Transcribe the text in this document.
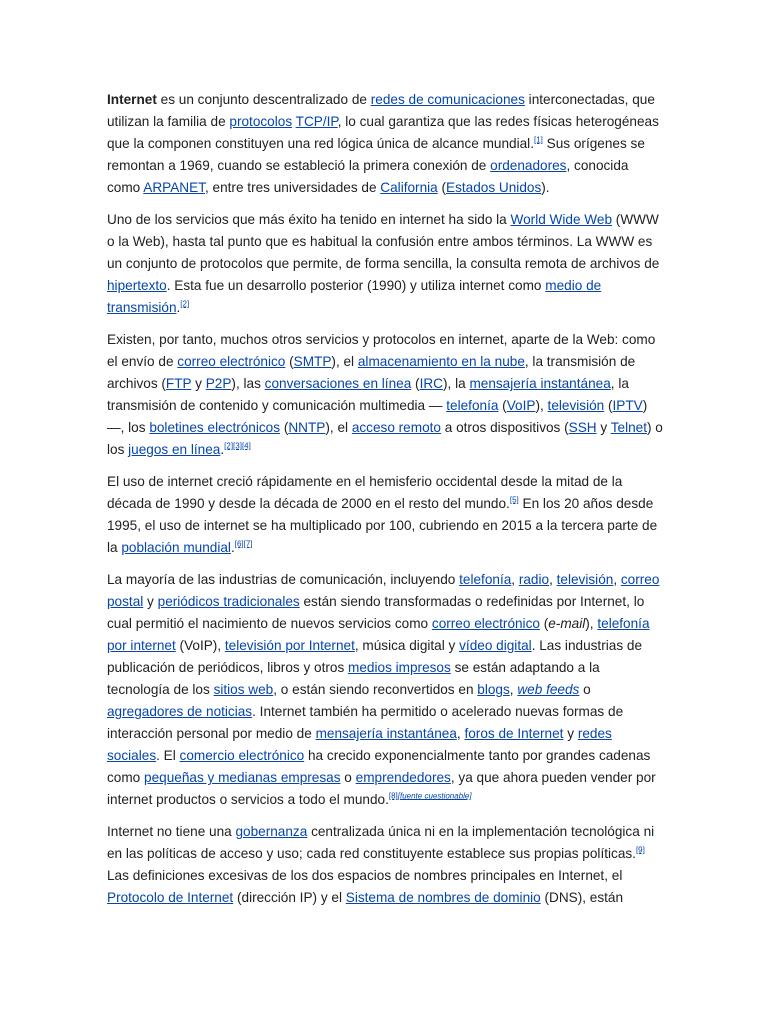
Internet es un conjunto descentralizado de redes de comunicaciones interconectadas, que utilizan la familia de protocolos TCP/IP, lo cual garantiza que las redes físicas heterogéneas que la componen constituyen una red lógica única de alcance mundial.[1] Sus orígenes se remontan a 1969, cuando se estableció la primera conexión de ordenadores, conocida como ARPANET, entre tres universidades de California (Estados Unidos).

Uno de los servicios que más éxito ha tenido en internet ha sido la World Wide Web (WWW o la Web), hasta tal punto que es habitual la confusión entre ambos términos. La WWW es un conjunto de protocolos que permite, de forma sencilla, la consulta remota de archivos de hipertexto. Esta fue un desarrollo posterior (1990) y utiliza internet como medio de transmisión.[2]

Existen, por tanto, muchos otros servicios y protocolos en internet, aparte de la Web: como el envío de correo electrónico (SMTP), el almacenamiento en la nube, la transmisión de archivos (FTP y P2P), las conversaciones en línea (IRC), la mensajería instantánea, la transmisión de contenido y comunicación multimedia — telefonía (VoIP), televisión (IPTV)—, los boletines electrónicos (NNTP), el acceso remoto a otros dispositivos (SSH y Telnet) o los juegos en línea.[2][3][4]

El uso de internet creció rápidamente en el hemisferio occidental desde la mitad de la década de 1990 y desde la década de 2000 en el resto del mundo.[5] En los 20 años desde 1995, el uso de internet se ha multiplicado por 100, cubriendo en 2015 a la tercera parte de la población mundial.[6][7]

La mayoría de las industrias de comunicación, incluyendo telefonía, radio, televisión, correo postal y periódicos tradicionales están siendo transformadas o redefinidas por Internet, lo cual permitió el nacimiento de nuevos servicios como correo electrónico (e-mail), telefonía por internet (VoIP), televisión por Internet, música digital y vídeo digital. Las industrias de publicación de periódicos, libros y otros medios impresos se están adaptando a la tecnología de los sitios web, o están siendo reconvertidos en blogs, web feeds o agregadores de noticias. Internet también ha permitido o acelerado nuevas formas de interacción personal por medio de mensajería instantánea, foros de Internet y redes sociales. El comercio electrónico ha crecido exponencialmente tanto por grandes cadenas como pequeñas y medianas empresas o emprendedores, ya que ahora pueden vender por internet productos o servicios a todo el mundo.[8][fuente cuestionable]

Internet no tiene una gobernanza centralizada única ni en la implementación tecnológica ni en las políticas de acceso y uso; cada red constituyente establece sus propias políticas.[9] Las definiciones excesivas de los dos espacios de nombres principales en Internet, el Protocolo de Internet (dirección IP) y el Sistema de nombres de dominio (DNS), están
